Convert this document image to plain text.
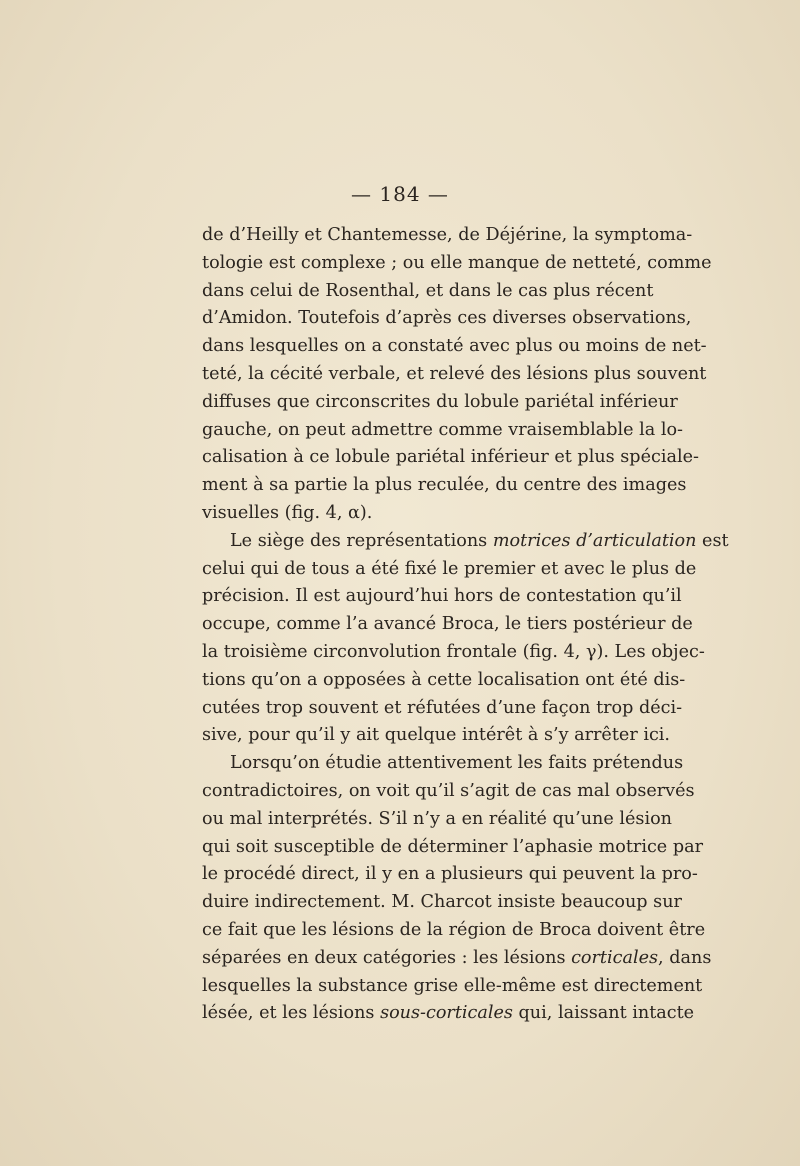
— 184 —
de d’Heilly et Chantemesse, de Déjérine, la symptoma-
tologie est complexe ; ou elle manque de netteté, comme
dans celui de Rosenthal, et dans le cas plus récent
d’Amidon. Toutefois d’après ces diverses observations,
dans lesquelles on a constaté avec plus ou moins de net-
teté, la cécité verbale, et relevé des lésions plus souvent
diffuses que circonscrites du lobule pariétal inférieur
gauche, on peut admettre comme vraisemblable la lo-
calisation à ce lobule pariétal inférieur et plus spéciale-
ment à sa partie la plus reculée, du centre des images
visuelles (fig. 4, α).
Le siège des représentations motrices d’articulation est
celui qui de tous a été fixé le premier et avec le plus de
précision. Il est aujourd’hui hors de contestation qu’il
occupe, comme l’a avancé Broca, le tiers postérieur de
la troisième circonvolution frontale (fig. 4, γ). Les objec-
tions qu’on a opposées à cette localisation ont été dis-
cutées trop souvent et réfutées d’une façon trop déci-
sive, pour qu’il y ait quelque intérêt à s’y arrêter ici.
Lorsqu’on étudie attentivement les faits prétendus
contradictoires, on voit qu’il s’agit de cas mal observés
ou mal interprétés. S’il n’y a en réalité qu’une lésion
qui soit susceptible de déterminer l’aphasie motrice par
le procédé direct, il y en a plusieurs qui peuvent la pro-
duire indirectement. M. Charcot insiste beaucoup sur
ce fait que les lésions de la région de Broca doivent être
séparées en deux catégories : les lésions corticales, dans
lesquelles la substance grise elle-même est directement
lésée, et les lésions sous-corticales qui, laissant intacte
